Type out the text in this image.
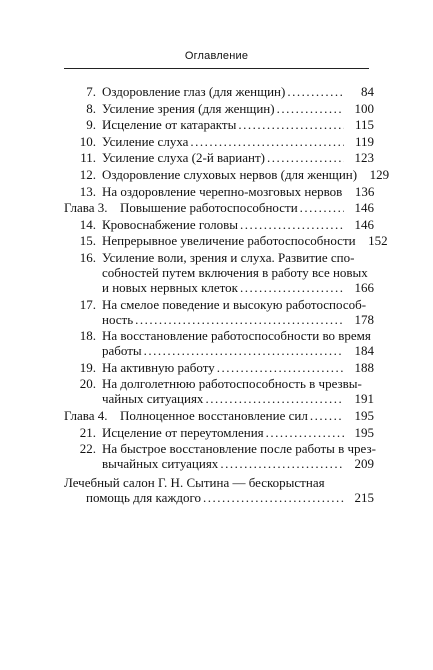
Оглавление
7. Оздоровление глаз (для женщин) .....	84
8. Усиление зрения (для женщин) .....	100
9. Исцеление от катаракты .....	115
10. Усиление слуха .....	119
11. Усиление слуха (2-й вариант) .....	123
12. Оздоровление слуховых нервов (для женщин) 129
13. На оздоровление черепно-мозговых нервов 136
Глава 3. Повышение работоспособности .....	146
14. Кровоснабжение головы .....	146
15. Непрерывное увеличение работоспособности 152
16. Усиление воли, зрения и слуха. Развитие спо-
собностей путем включения в работу все новых
и новых нервных клеток .....	166
17. На смелое поведение и высокую работоспособ-
ность .....	178
18. На восстановление работоспособности во время
работы .....	184
19. На активную работу .....	188
20. На долголетнюю работоспособность в чрезвы-
чайных ситуациях .....	191
Глава 4. Полноценное восстановление сил .....	195
21. Исцеление от переутомления .....	195
22. На быстрое восстановление после работы в чрез-
вычайных ситуациях .....	209
Лечебный салон Г. Н. Сытина — бескорыстная
помощь для каждого .....	215
